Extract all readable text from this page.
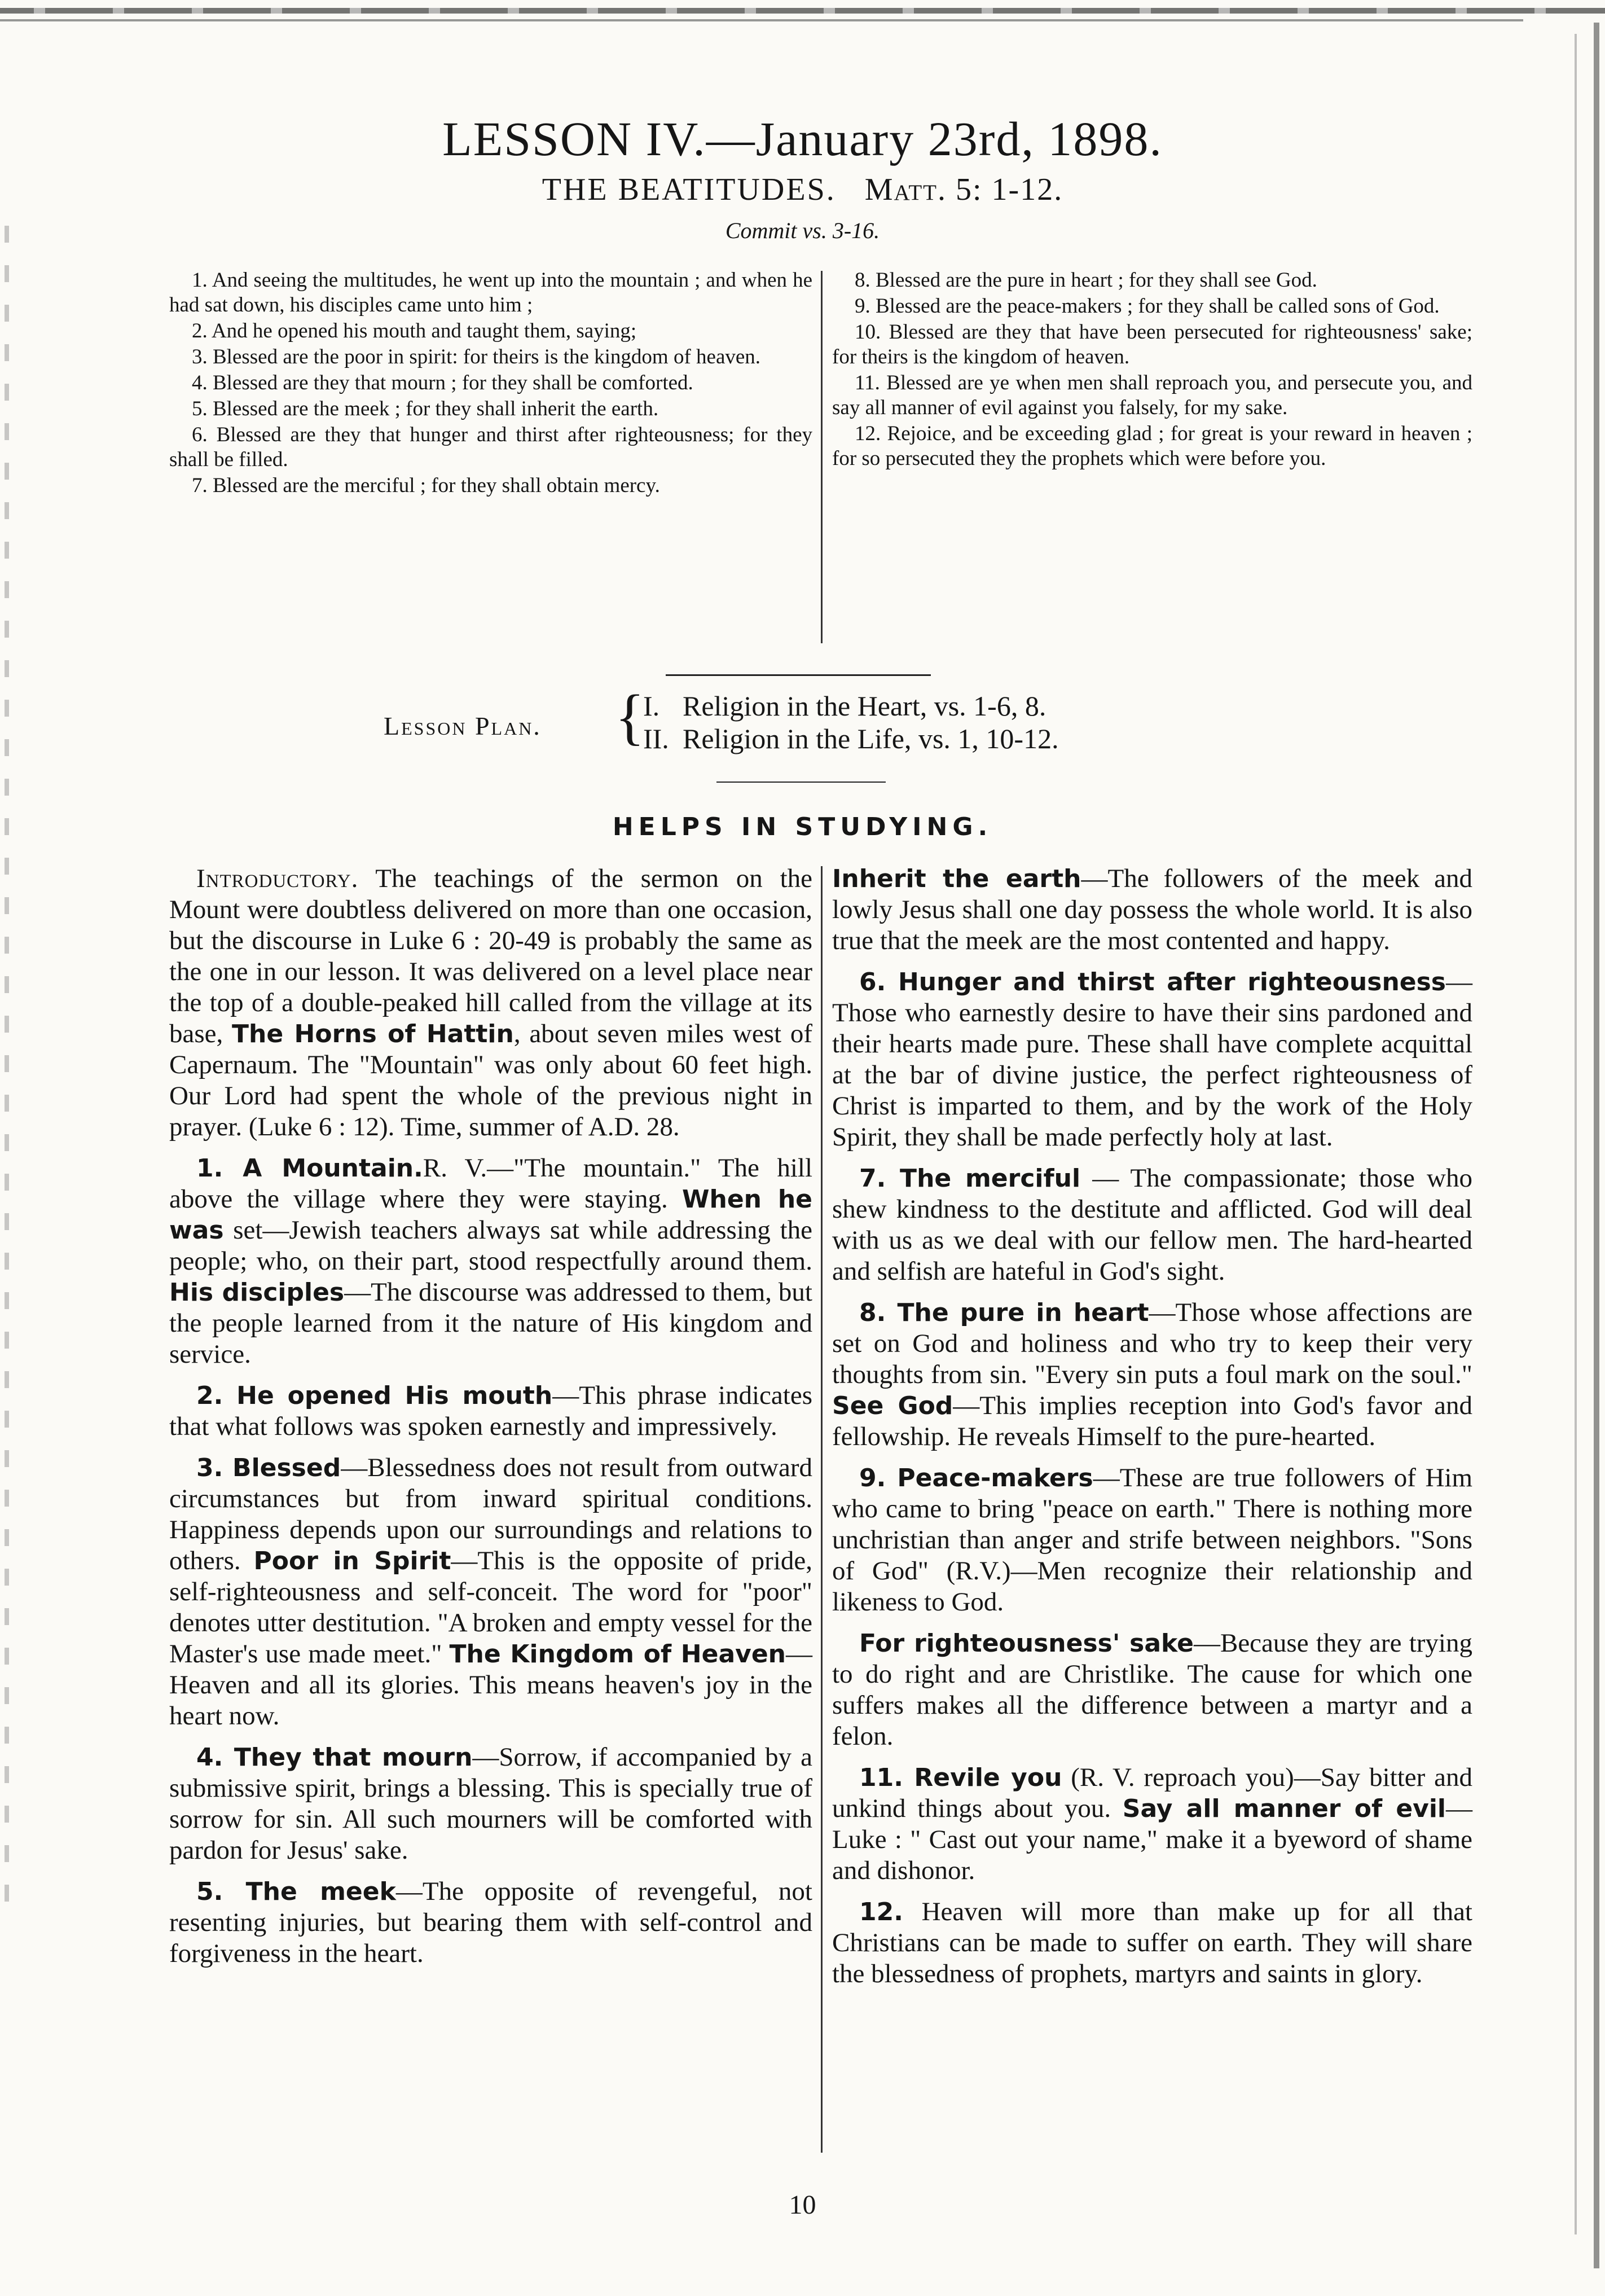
LESSON IV.—January 23rd, 1898.
THE BEATITUDES. Matt. 5: 1-12.
Commit vs. 3-16.

1. And seeing the multitudes, he went up into the mountain ; and when he had sat down, his disciples came unto him ;

2. And he opened his mouth and taught them, saying;

3. Blessed are the poor in spirit: for theirs is the kingdom of heaven.

4. Blessed are they that mourn ; for they shall be comforted.

5. Blessed are the meek ; for they shall inherit the earth.

6. Blessed are they that hunger and thirst after righteousness; for they shall be filled.

7. Blessed are the merciful ; for they shall obtain mercy.

8. Blessed are the pure in heart ; for they shall see God.

9. Blessed are the peace-makers ; for they shall be called sons of God.

10. Blessed are they that have been persecuted for righteousness' sake; for theirs is the kingdom of heaven.

11. Blessed are ye when men shall reproach you, and persecute you, and say all manner of evil against you falsely, for my sake.

12. Rejoice, and be exceeding glad ; for great is your reward in heaven ; for so persecuted they the prophets which were before you.

Lesson Plan. {
I. Religion in the Heart, vs. 1-6, 8.
II. Religion in the Life, vs. 1, 10-12.
HELPS IN STUDYING.

Introductory. The teachings of the sermon on the Mount were doubtless delivered on more than one occasion, but the discourse in Luke 6 : 20-49 is probably the same as the one in our lesson. It was delivered on a level place near the top of a double-peaked hill called from the village at its base, The Horns of Hattin, about seven miles west of Capernaum. The "Mountain" was only about 60 feet high. Our Lord had spent the whole of the previous night in prayer. (Luke 6 : 12). Time, summer of A.D. 28.

1. A Mountain.R. V.—"The mountain." The hill above the village where they were staying. When he was set—Jewish teachers always sat while addressing the people; who, on their part, stood respectfully around them. His disciples—The discourse was addressed to them, but the people learned from it the nature of His kingdom and service.

2. He opened His mouth—This phrase indicates that what follows was spoken earnestly and impressively.

3. Blessed—Blessedness does not result from outward circumstances but from inward spiritual conditions. Happiness depends upon our surroundings and relations to others. Poor in Spirit—This is the opposite of pride, self-righteousness and self-conceit. The word for "poor" denotes utter destitution. "A broken and empty vessel for the Master's use made meet." The Kingdom of Heaven—Heaven and all its glories. This means heaven's joy in the heart now.

4. They that mourn—Sorrow, if accompanied by a submissive spirit, brings a blessing. This is specially true of sorrow for sin. All such mourners will be comforted with pardon for Jesus' sake.

5. The meek—The opposite of revengeful, not resenting injuries, but bearing them with self-control and forgiveness in the heart.

Inherit the earth—The followers of the meek and lowly Jesus shall one day possess the whole world. It is also true that the meek are the most contented and happy.

6. Hunger and thirst after righteousness—Those who earnestly desire to have their sins pardoned and their hearts made pure. These shall have complete acquittal at the bar of divine justice, the perfect righteousness of Christ is imparted to them, and by the work of the Holy Spirit, they shall be made perfectly holy at last.

7. The merciful — The compassionate; those who shew kindness to the destitute and afflicted. God will deal with us as we deal with our fellow men. The hard-hearted and selfish are hateful in God's sight.

8. The pure in heart—Those whose affections are set on God and holiness and who try to keep their very thoughts from sin. "Every sin puts a foul mark on the soul." See God—This implies reception into God's favor and fellowship. He reveals Himself to the pure-hearted.

9. Peace-makers—These are true followers of Him who came to bring "peace on earth." There is nothing more unchristian than anger and strife between neighbors. "Sons of God" (R.V.)—Men recognize their relationship and likeness to God.

For righteousness' sake—Because they are trying to do right and are Christlike. The cause for which one suffers makes all the difference between a martyr and a felon.

11. Revile you (R. V. reproach you)—Say bitter and unkind things about you. Say all manner of evil— Luke : " Cast out your name," make it a byeword of shame and dishonor.

12. Heaven will more than make up for all that Christians can be made to suffer on earth. They will share the blessedness of prophets, martyrs and saints in glory.

10
